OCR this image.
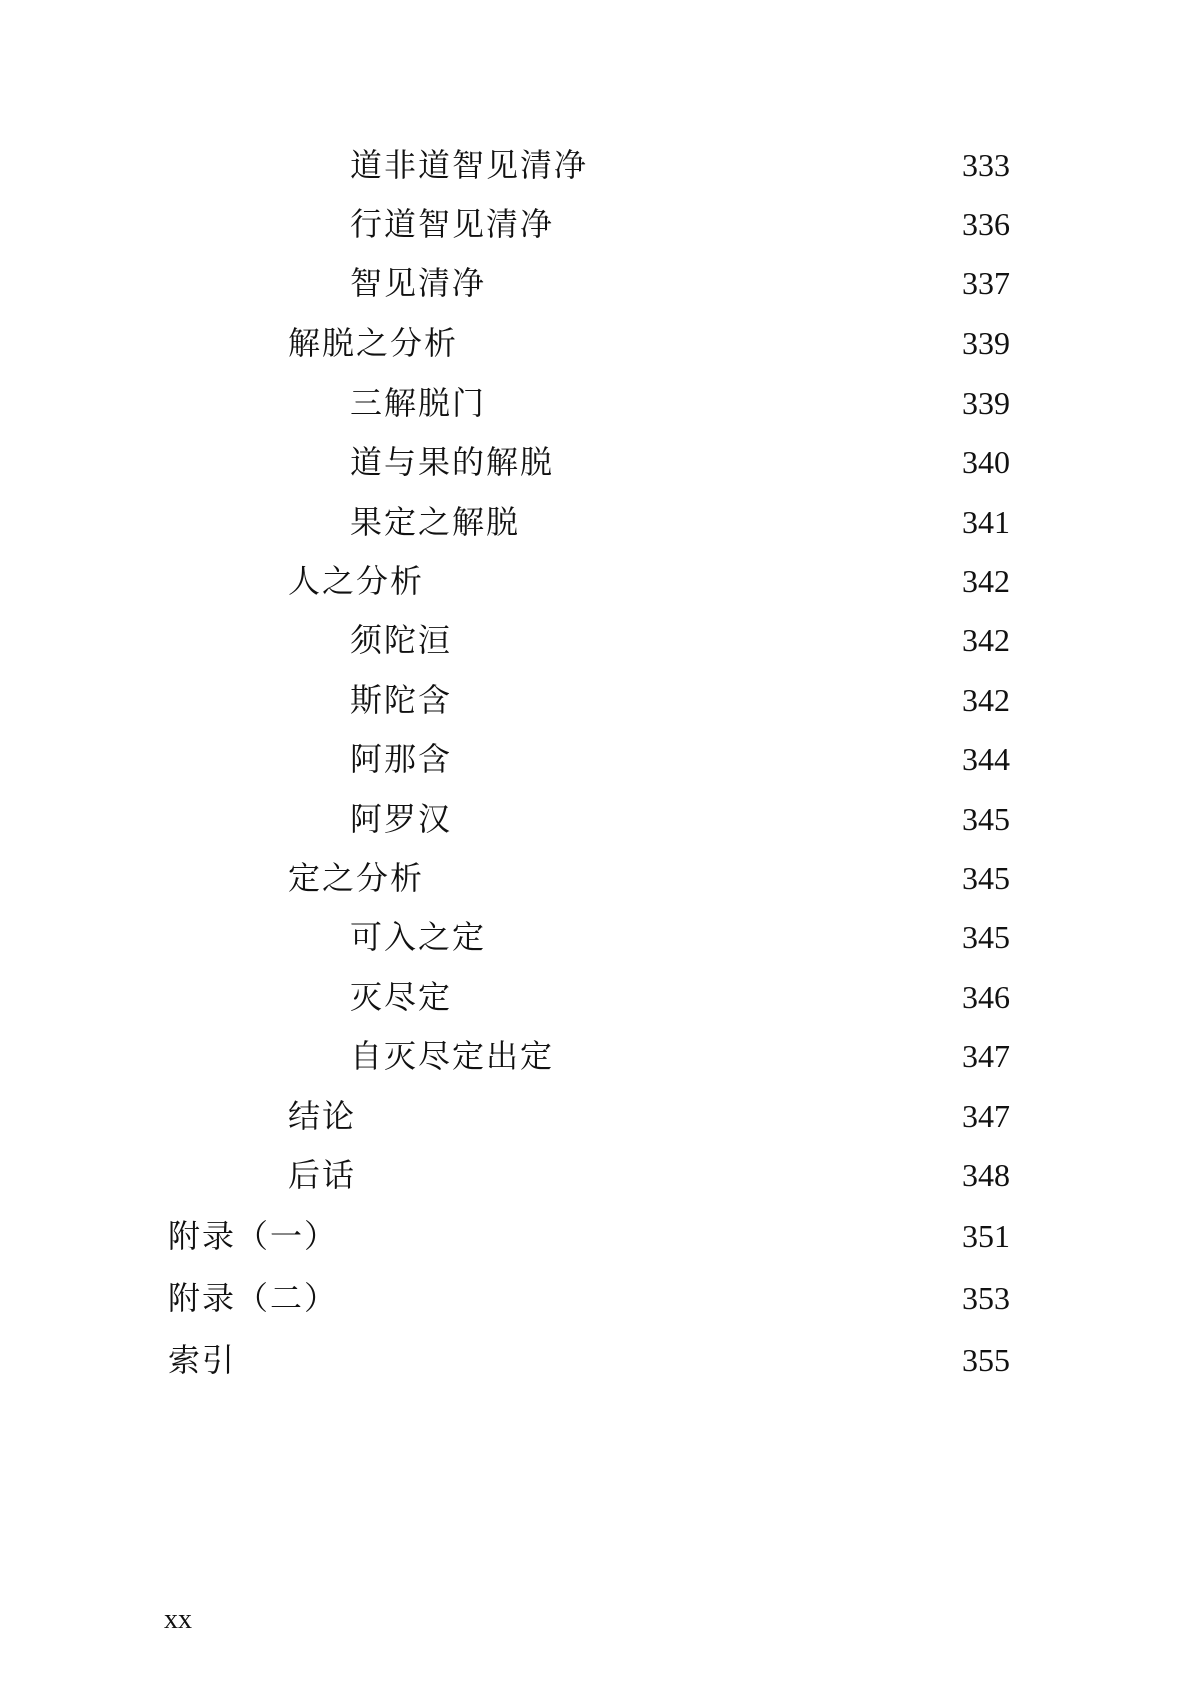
道非道智见清净	333
行道智见清净	336
智见清净	337
解脱之分析	339
三解脱门	339
道与果的解脱	340
果定之解脱	341
人之分析	342
须陀洹	342
斯陀含	342
阿那含	344
阿罗汉	345
定之分析	345
可入之定	345
灭尽定	346
自灭尽定出定	347
结论	347
后话	348
附录（一）	351
附录（二）	353
索引	355
xx
